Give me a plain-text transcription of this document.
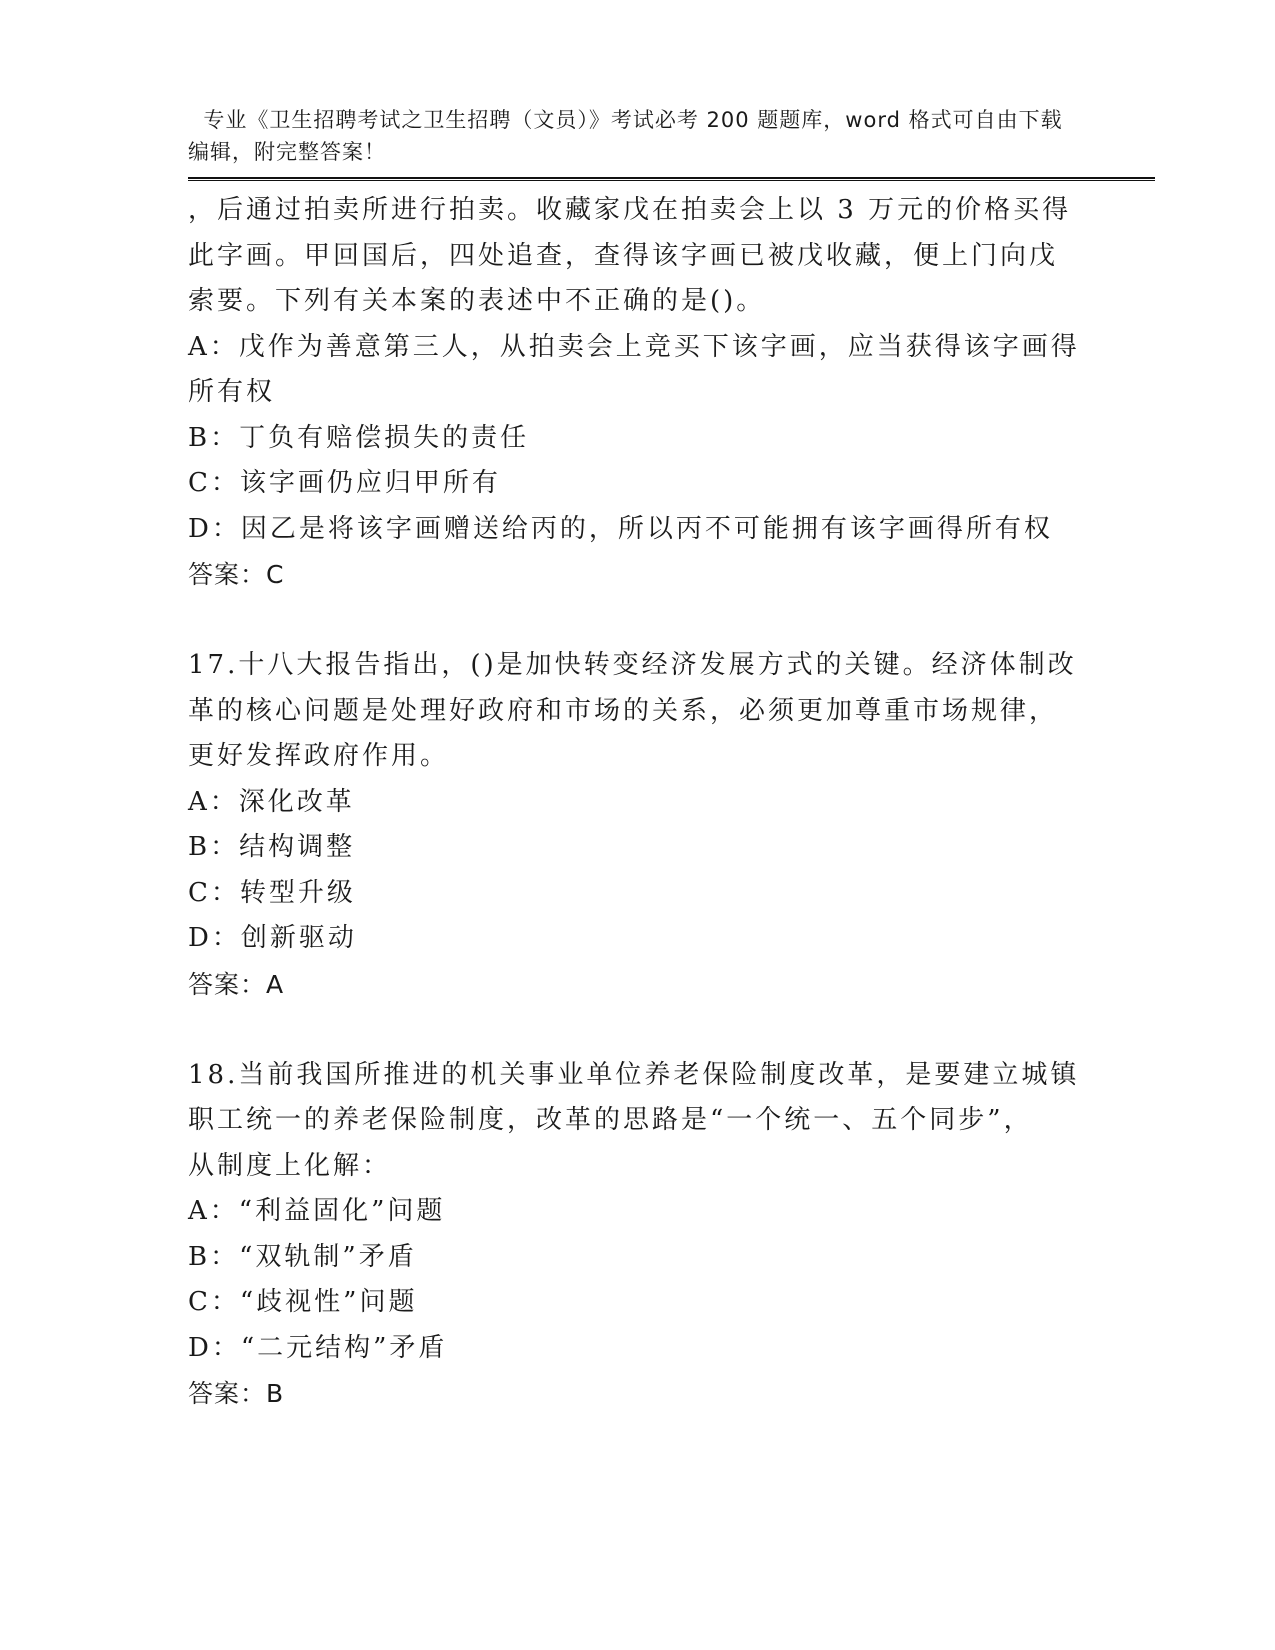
专业《卫生招聘考试之卫生招聘（文员）》考试必考 200 题题库，word 格式可自由下载编辑，附完整答案！

，后通过拍卖所进行拍卖。收藏家戊在拍卖会上以 3 万元的价格买得
此字画。甲回国后，四处追查，查得该字画已被戊收藏，便上门向戊
索要。下列有关本案的表述中不正确的是()。
A：戊作为善意第三人，从拍卖会上竞买下该字画，应当获得该字画得
所有权
B：丁负有赔偿损失的责任
C：该字画仍应归甲所有
D：因乙是将该字画赠送给丙的，所以丙不可能拥有该字画得所有权
答案：C
17.十八大报告指出，()是加快转变经济发展方式的关键。经济体制改
革的核心问题是处理好政府和市场的关系，必须更加尊重市场规律，
更好发挥政府作用。
A：深化改革
B：结构调整
C：转型升级
D：创新驱动
答案：A
18.当前我国所推进的机关事业单位养老保险制度改革，是要建立城镇
职工统一的养老保险制度，改革的思路是“一个统一、五个同步”，
从制度上化解：
A：“利益固化”问题
B：“双轨制”矛盾
C：“歧视性”问题
D：“二元结构”矛盾
答案：B
